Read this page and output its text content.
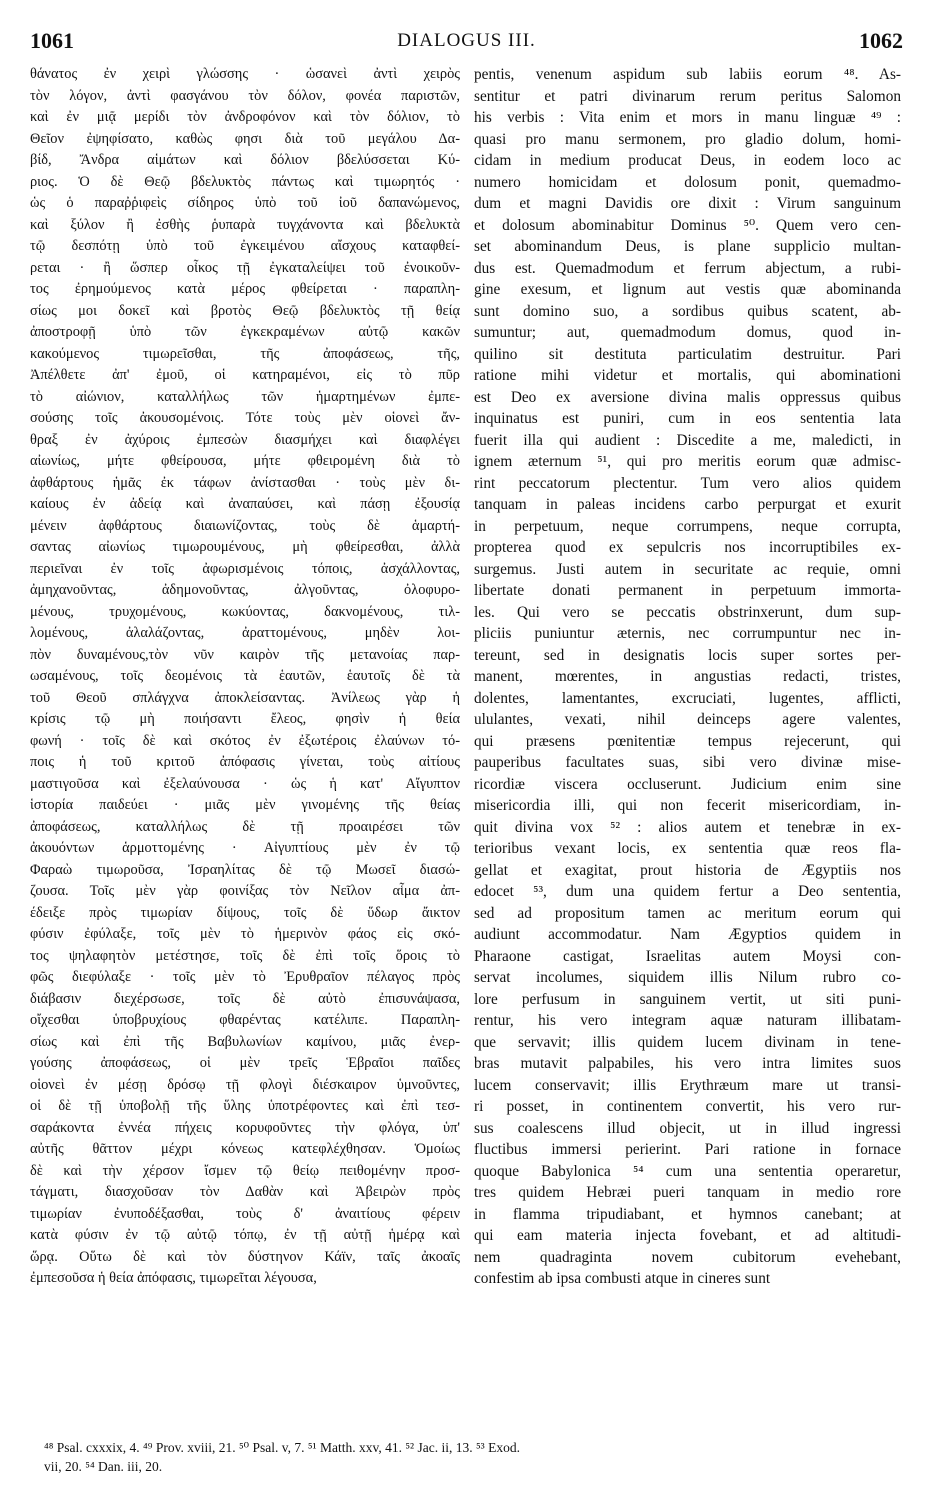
1061	DIALOGUS III.	1062
θάνατος ἐν χειρὶ γλώσσης · ὡσανεὶ ἀντὶ χειρὸς
τὸν λόγον, ἀντὶ φασγάνου τὸν δόλον, φονέα παριστῶν,
καὶ ἐν μιᾷ μερίδι τὸν ἀνδροφόνον καὶ τὸν δόλιον, τὸ
Θεῖον ἐψηφίσατο, καθὼς φησι διὰ τοῦ μεγάλου Δα-
βίδ, Ἄνδρα αἱμάτων καὶ δόλιον βδελύσσεται Κύ-
ριος. Ὁ δὲ Θεῷ βδελυκτὸς πάντως καὶ τιμωρητός ·
ὡς ὁ παραῤῥιφεὶς σίδηρος ὑπὸ τοῦ ἰοῦ δαπανώμενος,
καὶ ξύλον ἢ ἐσθὴς ῥυπαρὰ τυγχάνοντα καὶ βδελυκτὰ
τῷ δεσπότῃ ὑπὸ τοῦ ἐγκειμένου αἴσχους καταφθεί-
ρεται · ἢ ὥσπερ οἶκος τῇ ἐγκαταλείψει τοῦ ἐνοικοῦν-
τος ἐρημούμενος κατὰ μέρος φθείρεται · παραπλη-
σίως μοι δοκεῖ καὶ βροτὸς Θεῷ βδελυκτὸς τῇ θείᾳ
ἀποστροφῇ ὑπὸ τῶν ἐγκεκραμένων αὐτῷ κακῶν
κακούμενος τιμωρεῖσθαι, τῆς ἀποφάσεως, τῆς,
Ἀπέλθετε ἀπ' ἐμοῦ, οἱ κατηραμένοι, εἰς τὸ πῦρ
τὸ αἰώνιον, καταλλήλως τῶν ἡμαρτημένων ἐμπε-
σούσης τοῖς ἀκουσομένοις. Τότε τοὺς μὲν οἱονεὶ ἄν-
θραξ ἐν ἀχύροις ἐμπεσὼν διασμήχει καὶ διαφλέγει
αἰωνίως, μήτε φθείρουσα, μήτε φθειρομένη διὰ τὸ
ἀφθάρτους ἡμᾶς ἐκ τάφων ἀνίστασθαι · τοὺς μὲν δι-
καίους ἐν ἀδείᾳ καὶ ἀναπαύσει, καὶ πάσῃ ἐξουσίᾳ
μένειν ἀφθάρτους διαιωνίζοντας, τοὺς δὲ ἁμαρτή-
σαντας αἰωνίως τιμωρουμένους, μὴ φθείρεσθαι, ἀλλὰ
περιεῖναι ἐν τοῖς ἀφωρισμένοις τόποις, ἀσχάλλοντας,
ἀμηχανοῦντας, ἀδημονοῦντας, ἀλγοῦντας, ὀλοφυρο-
μένους, τρυχομένους, κωκύοντας, δακνομένους, τιλ-
λομένους, ἀλαλάζοντας, ἀραττομένους, μηδὲν λοι-
πὸν δυναμένους,τὸν νῦν καιρὸν τῆς μετανοίας παρ-
ωσαμένους, τοῖς δεομένοις τὰ ἑαυτῶν, ἑαυτοῖς δὲ τὰ
τοῦ Θεοῦ σπλάγχνα ἀποκλείσαντας. Ἀνίλεως γὰρ ἡ
κρίσις τῷ μὴ ποιήσαντι ἔλεος, φησὶν ἡ θεία
φωνή · τοῖς δὲ καὶ σκότος ἐν ἐξωτέροις ἐλαύνων τό-
ποις ἡ τοῦ κριτοῦ ἀπόφασις γίνεται, τοὺς αἰτίους
μαστιγοῦσα καὶ ἐξελαύνουσα · ὡς ἡ κατ' Αἴγυπτον
ἱστορία παιδεύει · μιᾶς μὲν γινομένης τῆς θείας
ἀποφάσεως, καταλλήλως δὲ τῇ προαιρέσει τῶν
ἀκουόντων ἁρμοττομένης · Αἰγυπτίους μὲν ἐν τῷ
Φαραὼ τιμωροῦσα, Ἰσραηλίτας δὲ τῷ Μωσεῖ διασώ-
ζουσα. Τοῖς μὲν γὰρ φοινίξας τὸν Νεῖλον αἷμα ἀπ-
έδειξε πρὸς τιμωρίαν δίψους, τοῖς δὲ ὕδωρ ἄικτον
φύσιν ἐφύλαξε, τοῖς μὲν τὸ ἡμερινὸν φάος εἰς σκό-
τος ψηλαφητὸν μετέστησε, τοῖς δὲ ἐπὶ τοῖς ὅροις τὸ
φῶς διεφύλαξε · τοῖς μὲν τὸ Ἐρυθραῖον πέλαγος πρὸς
διάβασιν διεχέρσωσε, τοῖς δὲ αὐτὸ ἐπισυνάψασα,
οἴχεσθαι ὑποβρυχίους φθαρέντας κατέλιπε. Παραπλη-
σίως καὶ ἐπὶ τῆς Βαβυλωνίων καμίνου, μιᾶς ἐνερ-
γούσης ἀποφάσεως, οἱ μὲν τρεῖς Ἑβραῖοι παῖδες
οἱονεὶ ἐν μέσῃ δρόσῳ τῇ φλογὶ διέσκαιρον ὑμνοῦντες,
οἱ δὲ τῇ ὑποβολῇ τῆς ὕλης ὑποτρέφοντες καὶ ἐπὶ τεσ-
σαράκοντα ἐννέα πήχεις κορυφοῦντες τὴν φλόγα, ὑπ'
αὐτῆς θᾶττον μέχρι κόνεως κατεφλέχθησαν. Ὁμοίως
δὲ καὶ τὴν χέρσον ἴσμεν τῷ θείῳ πειθομένην προσ-
τάγματι, διασχοῦσαν τὸν Δαθὰν καὶ Ἀβειρὼν πρὸς
τιμωρίαν ἐνυποδέξασθαι, τοὺς δ' ἀναιτίους φέρειν
κατὰ φύσιν ἐν τῷ αὐτῷ τόπῳ, ἐν τῇ αὐτῇ ἡμέρᾳ καὶ
ὥρᾳ. Οὕτω δὲ καὶ τὸν δύστηνον Κάϊν, ταῖς ἀκοαῖς
ἐμπεσοῦσα ἡ θεία ἀπόφασις, τιμωρεῖται λέγουσα,
pentis, venenum aspidum sub labiis eorum ⁴⁸. As-
sentitur et patri divinarum rerum peritus Salomon
his verbis : Vita enim et mors in manu linguæ ⁴⁹ :
quasi pro manu sermonem, pro gladio dolum, homi-
cidam in medium producat Deus, in eodem loco ac
numero homicidam et dolosum ponit, quemadmo-
dum et magni Davidis ore dixit : Virum sanguinum
et dolosum abominabitur Dominus ⁵⁰. Quem vero cen-
set abominandum Deus, is plane supplicio multan-
dus est. Quemadmodum et ferrum abjectum, a rubi-
gine exesum, et lignum aut vestis quæ abominanda
sunt domino suo, a sordibus quibus scatent, ab-
sumuntur; aut, quemadmodum domus, quod in-
quilino sit destituta particulatim destruitur. Pari
ratione mihi videtur et mortalis, qui abominationi
est Deo ex aversione divina malis oppressus quibus
inquinatus est puniri, cum in eos sententia lata
fuerit illa qui audient : Discedite a me, maledicti, in
ignem æternum ⁵¹, qui pro meritis eorum quæ admisc-
rint peccatorum plectentur. Tum vero alios quidem
tanquam in paleas incidens carbo perpurgat et exurit
in perpetuum, neque corrumpens, neque corrupta,
propterea quod ex sepulcris nos incorruptibiles ex-
surgemus. Justi autem in securitate ac requie, omni
libertate donati permanent in perpetuum immorta-
les. Qui vero se peccatis obstrinxerunt, dum sup-
pliciis puniuntur æternis, nec corrumpuntur nec in-
tereunt, sed in designatis locis super sortes per-
manent, mœrentes, in angustias redacti, tristes,
dolentes, lamentantes, excruciati, lugentes, afflicti,
ululantes, vexati, nihil deinceps agere valentes,
qui præsens pœnitentiæ tempus rejecerunt, qui
pauperibus facultates suas, sibi vero divinæ mise-
ricordiæ viscera occluserunt. Judicium enim sine
misericordia illi, qui non fecerit misericordiam, in-
quit divina vox ⁵² : alios autem et tenebræ in ex-
terioribus vexant locis, ex sententia quæ reos fla-
gellat et exagitat, prout historia de Ægyptiis nos
edocet ⁵³, dum una quidem fertur a Deo sententia,
sed ad propositum tamen ac meritum eorum qui
audiunt accommodatur. Nam Ægyptios quidem in
Pharaone castigat, Israelitas autem Moysi con-
servat incolumes, siquidem illis Nilum rubro co-
lore perfusum in sanguinem vertit, ut siti puni-
rentur, his vero integram aquæ naturam illibatam-
que servavit; illis quidem lucem divinam in tene-
bras mutavit palpabiles, his vero intra limites suos
lucem conservavit; illis Erythræum mare ut transi-
ri posset, in continentem convertit, his vero rur-
sus coalescens illud objecit, ut in illud ingressi
fluctibus immersi perierint. Pari ratione in fornace
quoque Babylonica ⁵⁴ cum una sententia operaretur,
tres quidem Hebræi pueri tanquam in medio rore
in flamma tripudiabant, et hymnos canebant; at
qui eam materia injecta fovebant, et ad altitudi-
nem quadraginta novem cubitorum evehebant,
confestim ab ipsa combusti atque in cineres sunt
⁴⁸ Psal. cxxxix, 4. ⁴⁹ Prov. xviii, 21. ⁵⁰ Psal. v, 7. ⁵¹ Matth. xxv, 41. ⁵² Jac. ii, 13. ⁵³ Exod.
vii, 20. ⁵⁴ Dan. iii, 20.
